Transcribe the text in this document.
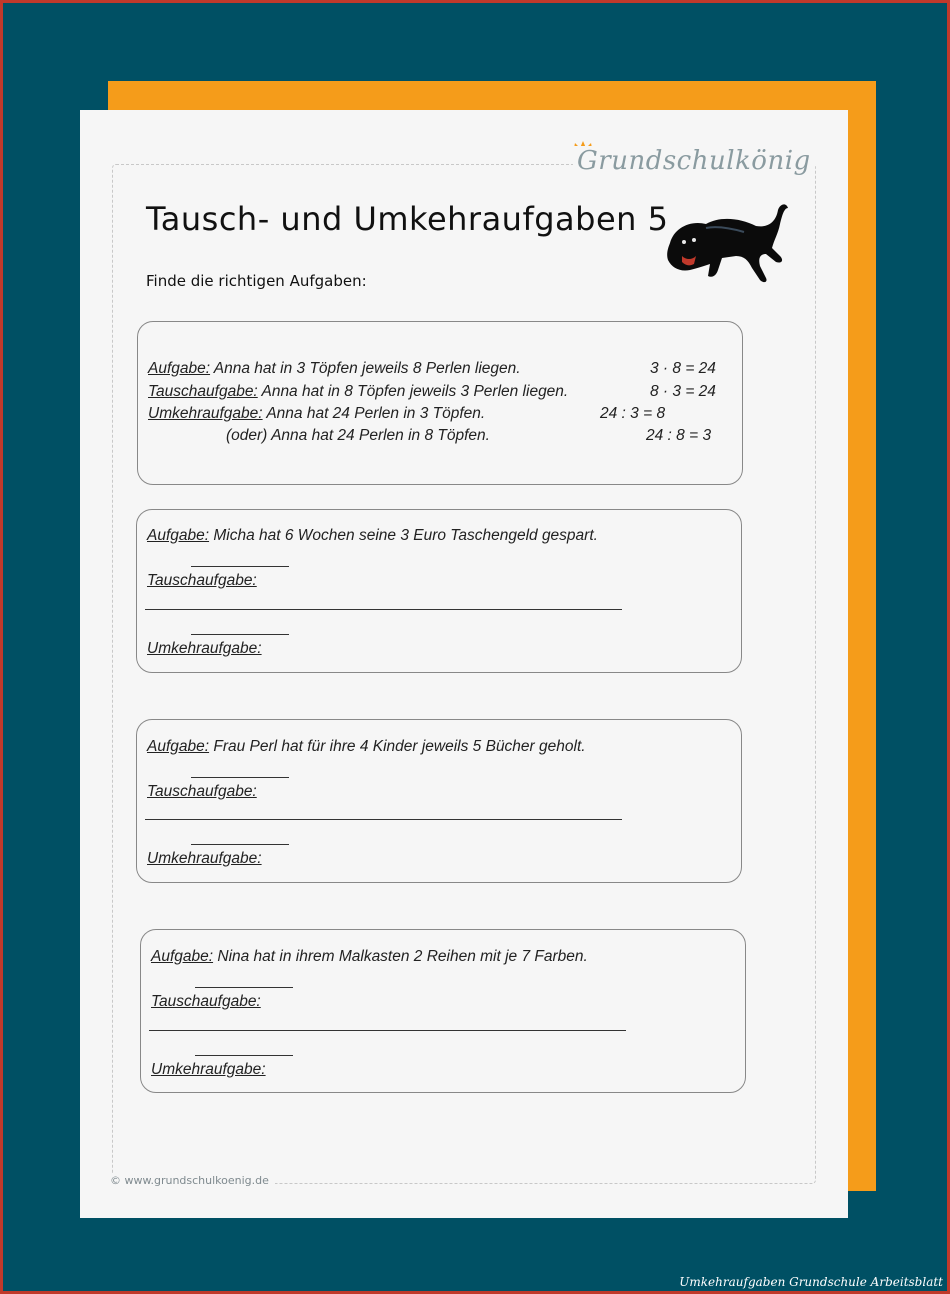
Grundschulkönig
Tausch- und Umkehraufgaben 5
Finde die richtigen Aufgaben:
Aufgabe: Anna hat in 3 Töpfen jeweils 8 Perlen liegen.	3 · 8 = 24
Tauschaufgabe: Anna hat in 8 Töpfen jeweils 3 Perlen liegen.	8 · 3 = 24
Umkehraufgabe: Anna hat 24 Perlen in 3 Töpfen.	24 : 3 = 8
(oder) Anna hat 24 Perlen in 8 Töpfen.	24 : 8 = 3
Aufgabe: Micha hat 6 Wochen seine 3 Euro Taschengeld gespart.
Tauschaufgabe:
Umkehraufgabe:
Aufgabe: Frau Perl hat für ihre 4 Kinder jeweils 5 Bücher geholt.
Tauschaufgabe:
Umkehraufgabe:
Aufgabe: Nina hat in ihrem Malkasten 2 Reihen mit je 7 Farben.
Tauschaufgabe:
Umkehraufgabe:
© www.grundschulkoenig.de
Umkehraufgaben Grundschule Arbeitsblatt
